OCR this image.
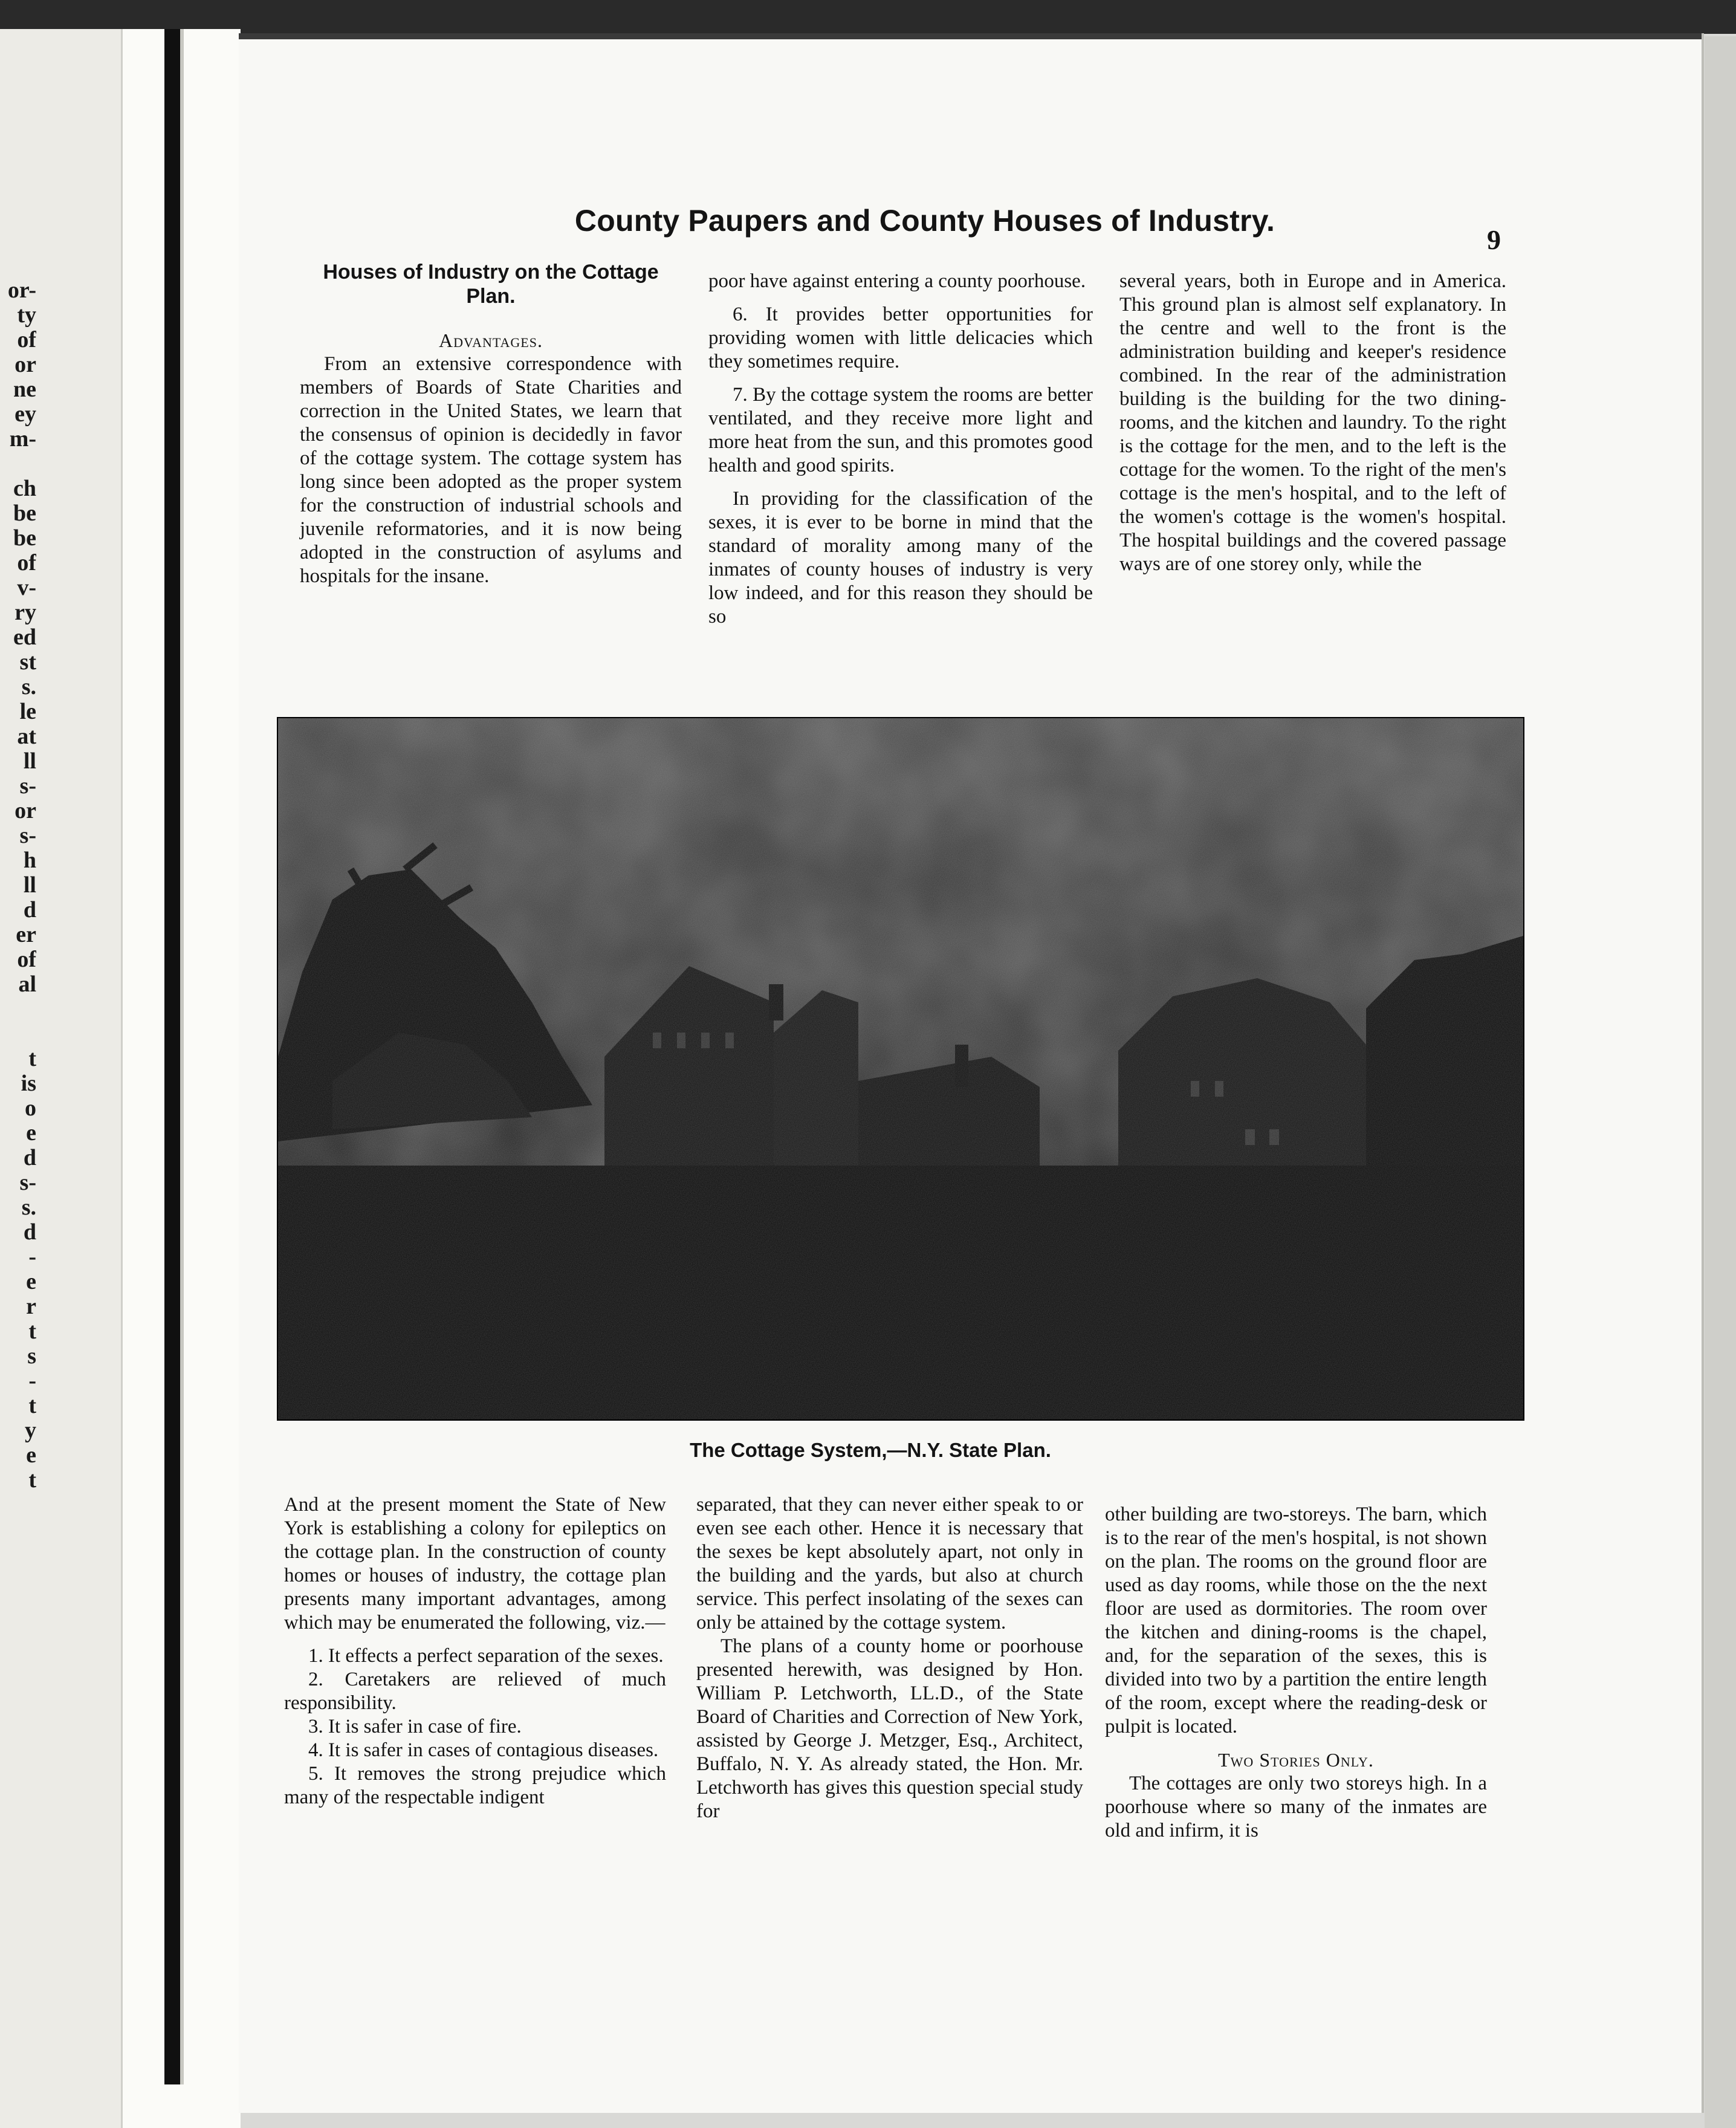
or-
ty
of
or
ne
ey
m-
ch
be
be
of
v-
ry
ed
st
s.
le
at
ll
s-
or
s-
h
ll
d
er
of
al
t
is
o
e
d
s-
s.
d
-
e
r
t
s
-
t
y
e
t
County Paupers and County Houses of Industry.
9
Houses of Industry on the Cottage Plan.

Advantages.

From an extensive correspondence with members of Boards of State Charities and correction in the United States, we learn that the consensus of opinion is decidedly in favor of the cottage system. The cottage system has long since been adopted as the proper system for the construction of industrial schools and juvenile reformatories, and it is now being adopted in the construction of asylums and hospitals for the insane.

poor have against entering a county poorhouse.

6. It provides better opportunities for providing women with little delicacies which they sometimes require.

7. By the cottage system the rooms are better ventilated, and they receive more light and more heat from the sun, and this promotes good health and good spirits.

In providing for the classification of the sexes, it is ever to be borne in mind that the standard of morality among many of the inmates of county houses of industry is very low indeed, and for this reason they should be so

several years, both in Europe and in America. This ground plan is almost self explanatory. In the centre and well to the front is the administration building and keeper's residence combined. In the rear of the administration building is the building for the two dining-rooms, and the kitchen and laundry. To the right is the cottage for the men, and to the left is the cottage for the women. To the right of the men's cottage is the men's hospital, and to the left of the women's cottage is the women's hospital. The hospital buildings and the covered passage ways are of one storey only, while the

The Cottage System,—N.Y. State Plan.

And at the present moment the State of New York is establishing a colony for epileptics on the cottage plan. In the construction of county homes or houses of industry, the cottage plan presents many important advantages, among which may be enumerated the following, viz.—

1. It effects a perfect separation of the sexes.

2. Caretakers are relieved of much responsibility.

3. It is safer in case of fire.

4. It is safer in cases of contagious diseases.

5. It removes the strong prejudice which many of the respectable indigent

separated, that they can never either speak to or even see each other. Hence it is necessary that the sexes be kept absolutely apart, not only in the building and the yards, but also at church service. This perfect insolating of the sexes can only be attained by the cottage system.

The plans of a county home or poorhouse presented herewith, was designed by Hon. William P. Letchworth, LL.D., of the State Board of Charities and Correction of New York, assisted by George J. Metzger, Esq., Architect, Buffalo, N. Y. As already stated, the Hon. Mr. Letchworth has gives this question special study for

other building are two-storeys. The barn, which is to the rear of the men's hospital, is not shown on the plan. The rooms on the ground floor are used as day rooms, while those on the the next floor are used as dormitories. The room over the kitchen and dining-rooms is the chapel, and, for the separation of the sexes, this is divided into two by a partition the entire length of the room, except where the reading-desk or pulpit is located.

Two Stories Only.

The cottages are only two storeys high. In a poorhouse where so many of the inmates are old and infirm, it is
